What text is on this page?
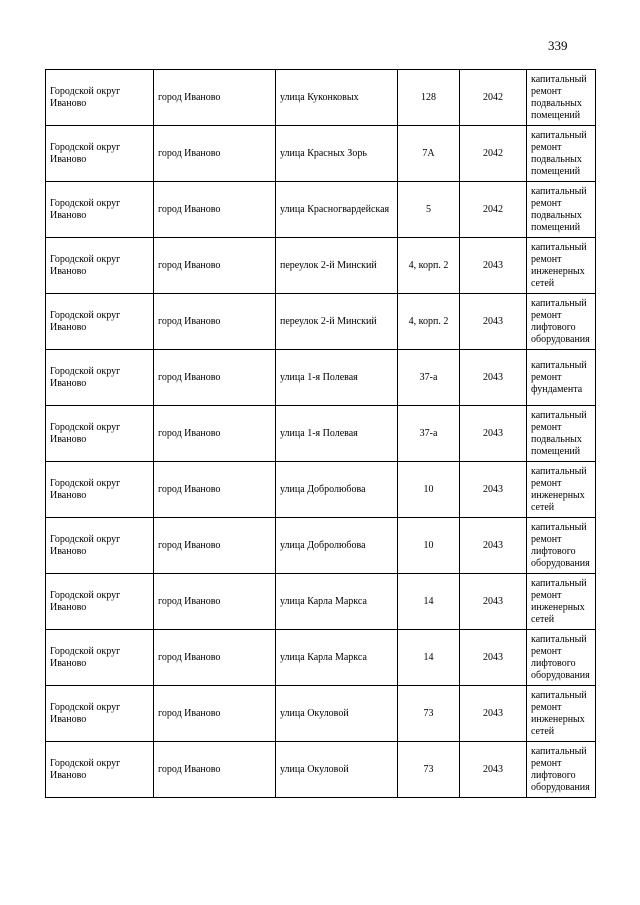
339
Городской округ Иваново	город Иваново	улица Куконковых	128	2042	капитальный ремонт подвальных помещений
Городской округ Иваново	город Иваново	улица Красных Зорь	7А	2042	капитальный ремонт подвальных помещений
Городской округ Иваново	город Иваново	улица Красногвардейская	5	2042	капитальный ремонт подвальных помещений
Городской округ Иваново	город Иваново	переулок 2-й Минский	4, корп. 2	2043	капитальный ремонт инженерных сетей
Городской округ Иваново	город Иваново	переулок 2-й Минский	4, корп. 2	2043	капитальный ремонт лифтового оборудования
Городской округ Иваново	город Иваново	улица 1-я Полевая	37-а	2043	капитальный ремонт фундамента
Городской округ Иваново	город Иваново	улица 1-я Полевая	37-а	2043	капитальный ремонт подвальных помещений
Городской округ Иваново	город Иваново	улица Добролюбова	10	2043	капитальный ремонт инженерных сетей
Городской округ Иваново	город Иваново	улица Добролюбова	10	2043	капитальный ремонт лифтового оборудования
Городской округ Иваново	город Иваново	улица Карла Маркса	14	2043	капитальный ремонт инженерных сетей
Городской округ Иваново	город Иваново	улица Карла Маркса	14	2043	капитальный ремонт лифтового оборудования
Городской округ Иваново	город Иваново	улица Окуловой	73	2043	капитальный ремонт инженерных сетей
Городской округ Иваново	город Иваново	улица Окуловой	73	2043	капитальный ремонт лифтового оборудования
